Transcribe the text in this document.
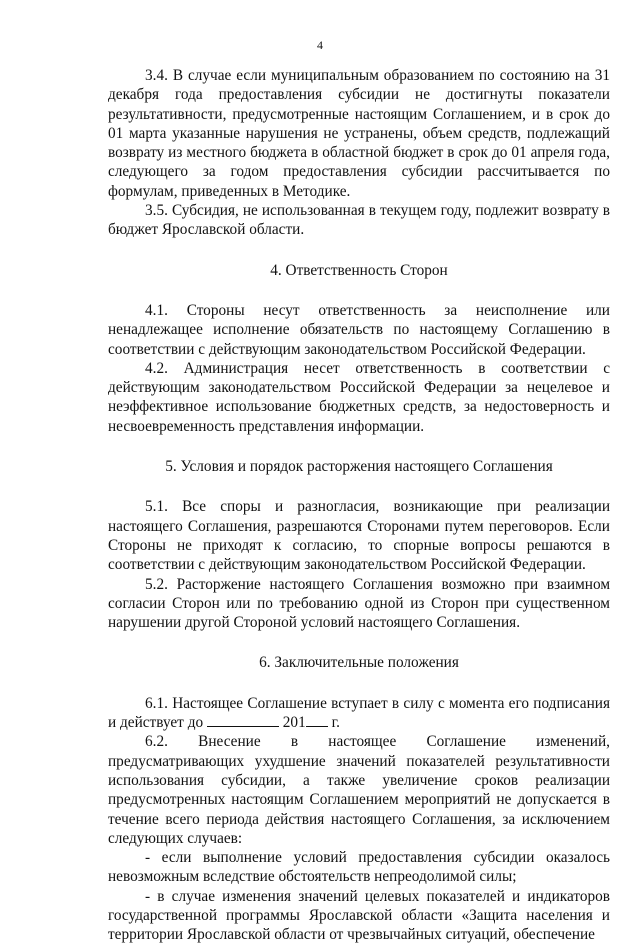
4

3.4. В случае если муниципальным образованием по состоянию на 31 декабря года предоставления субсидии не достигнуты показатели результативности, предусмотренные настоящим Соглашением, и в срок до 01 марта указанные нарушения не устранены, объем средств, подлежащий возврату из местного бюджета в областной бюджет в срок до 01 апреля года, следующего за годом предоставления субсидии рассчитывается по формулам, приведенных в Методике.

3.5. Субсидия, не использованная в текущем году, подлежит возврату в бюджет Ярославской области.

4. Ответственность Сторон

4.1. Стороны несут ответственность за неисполнение или ненадлежащее исполнение обязательств по настоящему Соглашению в соответствии с действующим законодательством Российской Федерации.

4.2. Администрация несет ответственность в соответствии с действующим законодательством Российской Федерации за нецелевое и неэффективное использование бюджетных средств, за недостоверность и несвоевременность представления информации.

5. Условия и порядок расторжения настоящего Соглашения

5.1. Все споры и разногласия, возникающие при реализации настоящего Соглашения, разрешаются Сторонами путем переговоров. Если Стороны не приходят к согласию, то спорные вопросы решаются в соответствии с действующим законодательством Российской Федерации.

5.2. Расторжение настоящего Соглашения возможно при взаимном согласии Сторон или по требованию одной из Сторон при существенном нарушении другой Стороной условий настоящего Соглашения.

6. Заключительные положения

6.1. Настоящее Соглашение вступает в силу с момента его подписания и действует до	201 г.

6.2. Внесение в настоящее Соглашение изменений, предусматривающих ухудшение значений показателей результативности использования субсидии, а также увеличение сроков реализации предусмотренных настоящим Соглашением мероприятий не допускается в течение всего периода действия настоящего Соглашения, за исключением следующих случаев:

- если выполнение условий предоставления субсидии оказалось невозможным вследствие обстоятельств непреодолимой силы;

- в случае изменения значений целевых показателей и индикаторов государственной программы Ярославской области «Защита населения и территории Ярославской области от чрезвычайных ситуаций, обеспечение
